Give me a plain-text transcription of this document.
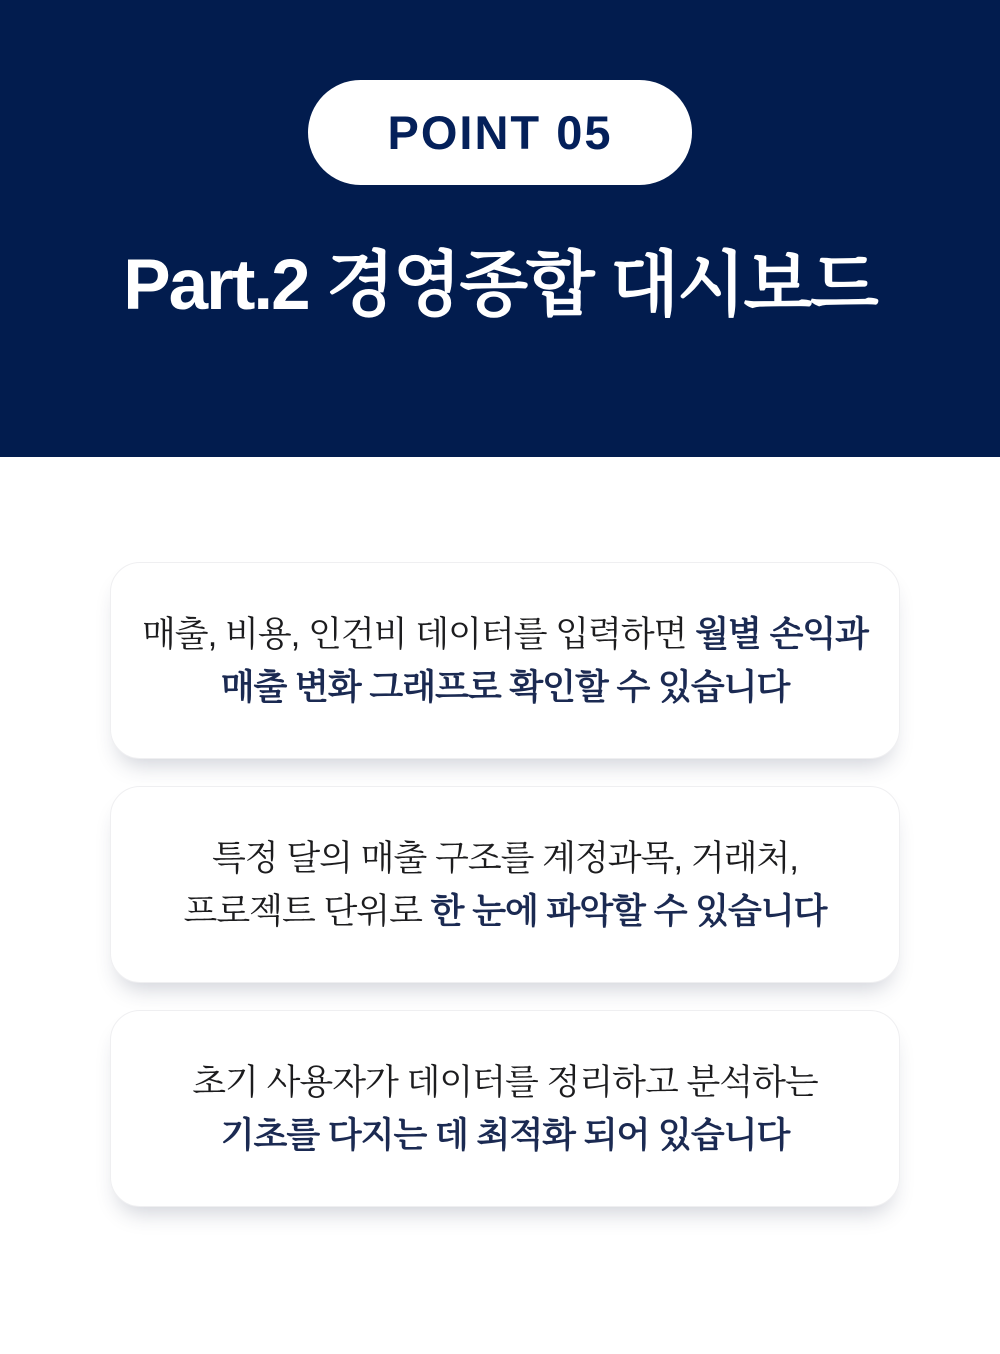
POINT 05
Part.2 경영종합 대시보드
매출, 비용, 인건비 데이터를 입력하면 월별 손익과
매출 변화 그래프로 확인할 수 있습니다
특정 달의 매출 구조를 계정과목, 거래처,
프로젝트 단위로 한 눈에 파악할 수 있습니다
초기 사용자가 데이터를 정리하고 분석하는
기초를 다지는 데 최적화 되어 있습니다
